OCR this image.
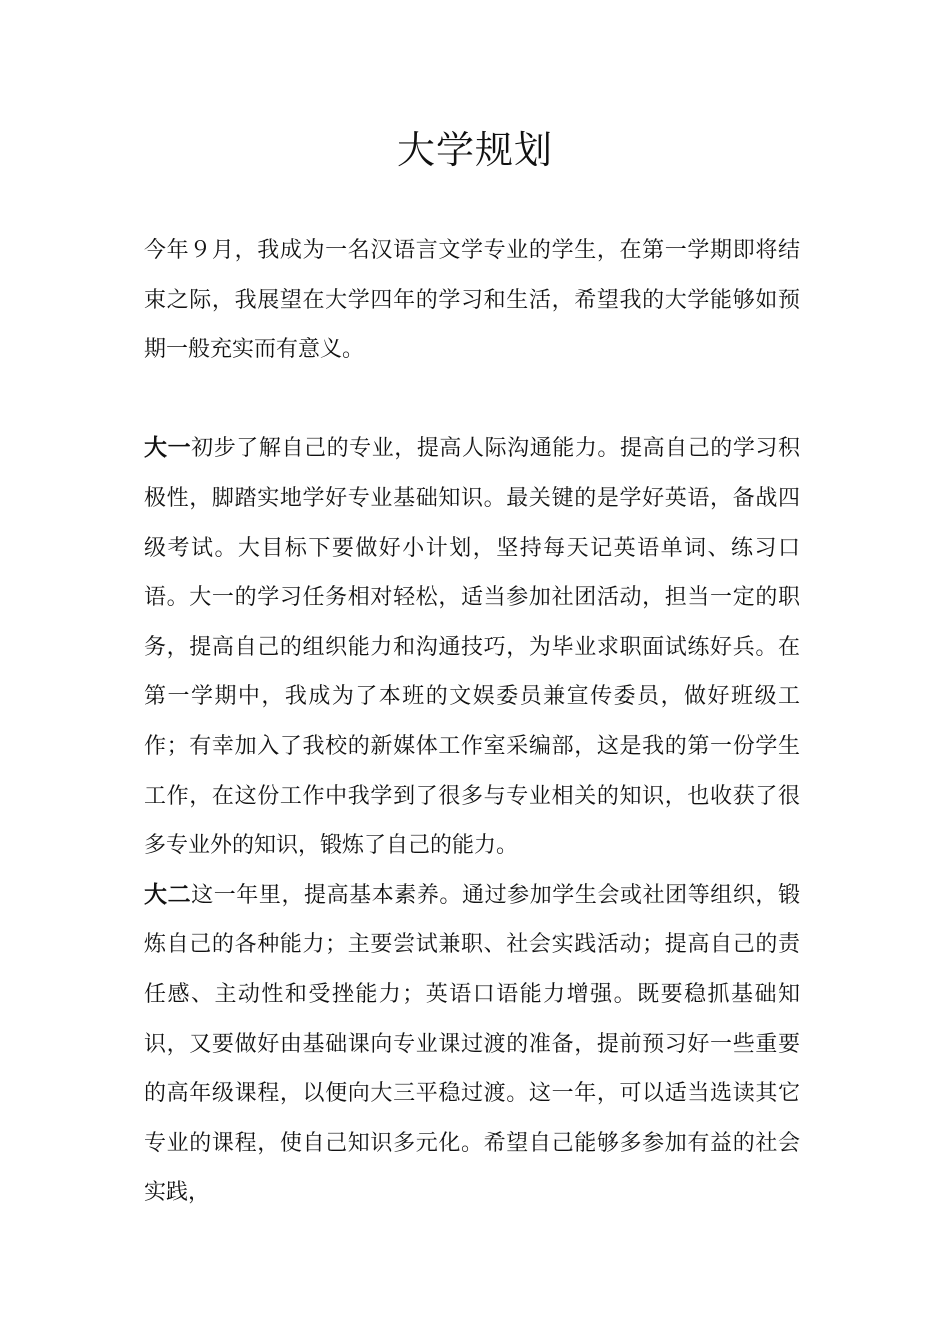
大学规划

今年９月，我成为一名汉语言文学专业的学生，在第一学期即将结束之际，我展望在大学四年的学习和生活，希望我的大学能够如预期一般充实而有意义。

大一初步了解自己的专业，提高人际沟通能力。提高自己的学习积极性，脚踏实地学好专业基础知识。最关键的是学好英语，备战四级考试。大目标下要做好小计划，坚持每天记英语单词、练习口语。大一的学习任务相对轻松，适当参加社团活动，担当一定的职务，提高自己的组织能力和沟通技巧，为毕业求职面试练好兵。在第一学期中，我成为了本班的文娱委员兼宣传委员，做好班级工作；有幸加入了我校的新媒体工作室采编部，这是我的第一份学生工作，在这份工作中我学到了很多与专业相关的知识，也收获了很多专业外的知识，锻炼了自己的能力。

大二这一年里，提高基本素养。通过参加学生会或社团等组织，锻炼自己的各种能力；主要尝试兼职、社会实践活动；提高自己的责任感、主动性和受挫能力；英语口语能力增强。既要稳抓基础知识，又要做好由基础课向专业课过渡的准备，提前预习好一些重要的高年级课程，以便向大三平稳过渡。这一年，可以适当选读其它专业的课程，使自己知识多元化。希望自己能够多参加有益的社会实践，
